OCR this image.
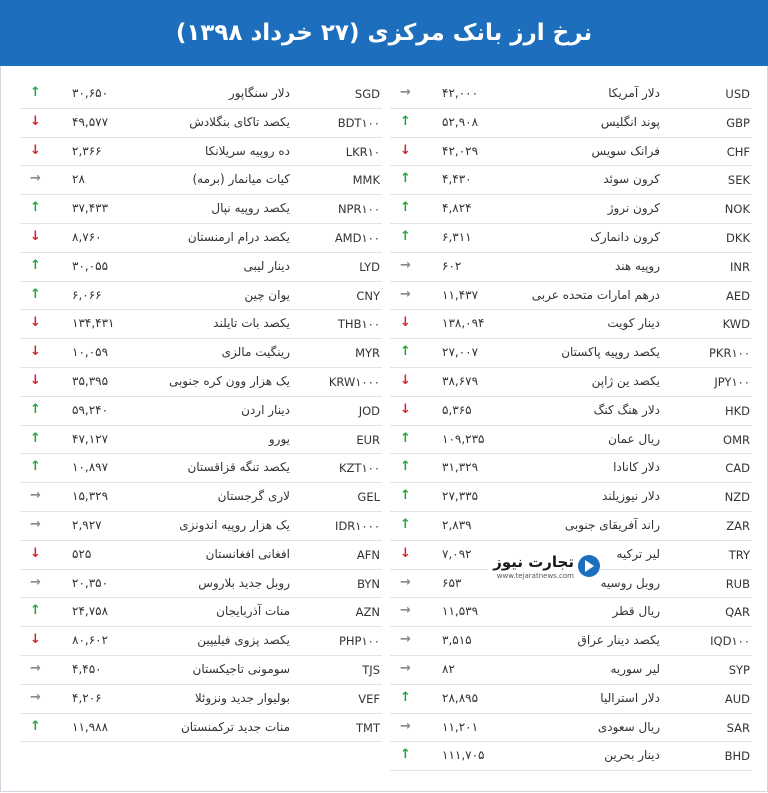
نرخ ارز بانک مرکزی (۲۷ خرداد ۱۳۹۸)
USD
دلار آمریکا
۴۲,۰۰۰
→
GBP
پوند انگلیس
۵۲,۹۰۸
↑
CHF
فرانک سویس
۴۲,۰۲۹
↓
SEK
کرون سوئد
۴,۴۳۰
↑
NOK
کرون نروژ
۴,۸۲۴
↑
DKK
کرون دانمارک
۶,۳۱۱
↑
INR
روپیه هند
۶۰۲
→
AED
درهم امارات متحده عربی
۱۱,۴۳۷
→
KWD
دینار کویت
۱۳۸,۰۹۴
↓
PKR۱۰۰
یکصد روپیه پاکستان
۲۷,۰۰۷
↑
JPY۱۰۰
یکصد ین ژاپن
۳۸,۶۷۹
↓
HKD
دلار هنگ کنگ
۵,۳۶۵
↓
OMR
ریال عمان
۱۰۹,۲۳۵
↑
CAD
دلار کانادا
۳۱,۳۲۹
↑
NZD
دلار نیوزیلند
۲۷,۳۳۵
↑
ZAR
راند آفریقای جنوبی
۲,۸۳۹
↑
TRY
لیر ترکیه
۷,۰۹۲
↓
RUB
روبل روسیه
۶۵۳
→
QAR
ریال قطر
۱۱,۵۳۹
→
IQD۱۰۰
یکصد دینار عراق
۳,۵۱۵
→
SYP
لیر سوریه
۸۲
→
AUD
دلار استرالیا
۲۸,۸۹۵
↑
SAR
ریال سعودی
۱۱,۲۰۱
→
BHD
دینار بحرین
۱۱۱,۷۰۵
↑
SGD
دلار سنگاپور
۳۰,۶۵۰
↑
BDT۱۰۰
یکصد تاکای بنگلادش
۴۹,۵۷۷
↓
LKR۱۰
ده روپیه سریلانکا
۲,۳۶۶
↓
MMK
کیات میانمار (برمه)
۲۸
→
NPR۱۰۰
یکصد روپیه نپال
۳۷,۴۳۳
↑
AMD۱۰۰
یکصد درام ارمنستان
۸,۷۶۰
↓
LYD
دینار لیبی
۳۰,۰۵۵
↑
CNY
یوان چین
۶,۰۶۶
↑
THB۱۰۰
یکصد بات تایلند
۱۳۴,۴۳۱
↓
MYR
رینگیت مالزی
۱۰,۰۵۹
↓
KRW۱۰۰۰
یک هزار وون کره جنوبی
۳۵,۳۹۵
↓
JOD
دینار اردن
۵۹,۲۴۰
↑
EUR
یورو
۴۷,۱۲۷
↑
KZT۱۰۰
یکصد تنگه قزاقستان
۱۰,۸۹۷
↑
GEL
لاری گرجستان
۱۵,۳۲۹
→
IDR۱۰۰۰
یک هزار روپیه اندونزی
۲,۹۲۷
→
AFN
افغانی افغانستان
۵۲۵
↓
BYN
روبل جدید بلاروس
۲۰,۳۵۰
→
AZN
منات آذربایجان
۲۴,۷۵۸
↑
PHP۱۰۰
یکصد پزوی فیلیپین
۸۰,۶۰۲
↓
TJS
سومونی تاجیکستان
۴,۴۵۰
→
VEF
بولیوار جدید ونزوئلا
۴,۲۰۶
→
TMT
منات جدید ترکمنستان
۱۱,۹۸۸
↑
تجارت نیوز
www.tejaratnews.com
